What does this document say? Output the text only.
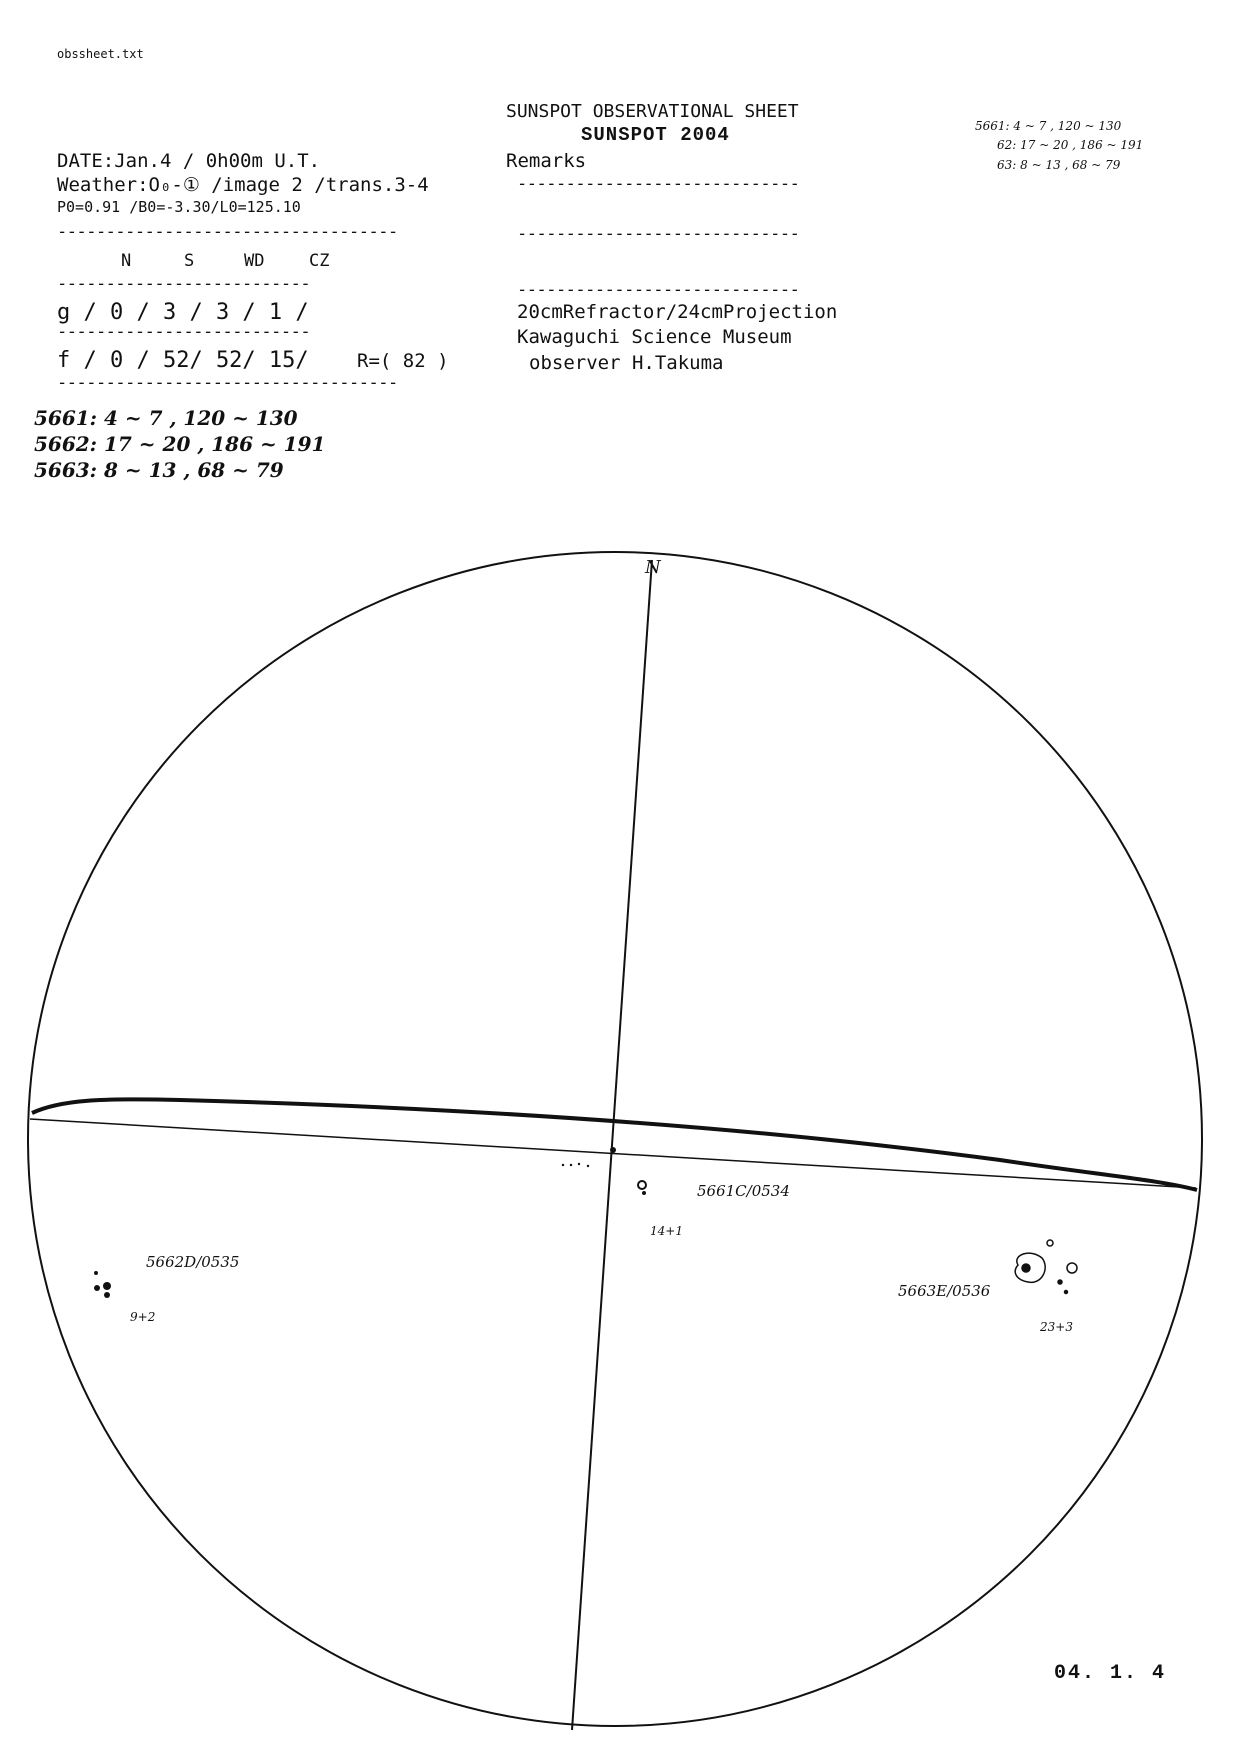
obssheet.txt
SUNSPOT OBSERVATIONAL SHEET
SUNSPOT 2004
DATE:Jan.4 / 0h00m U.T.
Weather:O₀-① /image 2 /trans.3-4
P0=0.91 /B0=-3.30/L0=125.10
Remarks
-----------------------------------
--------------------------
--------------------------
-----------------------------------
-----------------------------
-----------------------------
-----------------------------
N	S	WD	CZ
g / 0 / 3 / 3 / 1 /
f / 0 / 52/ 52/ 15/	R=( 82 )
20cmRefractor/24cmProjection
Kawaguchi Science Museum
observer H.Takuma
5661: 4 ~ 7 , 120 ~ 130
5662: 17 ~ 20 , 186 ~ 191
5663: 8 ~ 13 , 68 ~ 79
5661: 4 ~ 7 , 120 ~ 130
62: 17 ~ 20 , 186 ~ 191
63: 8 ~ 13 , 68 ~ 79
N
5661C/0534
14+1
5662D/0535
9+2
5663E/0536
23+3
04. 1. 4
